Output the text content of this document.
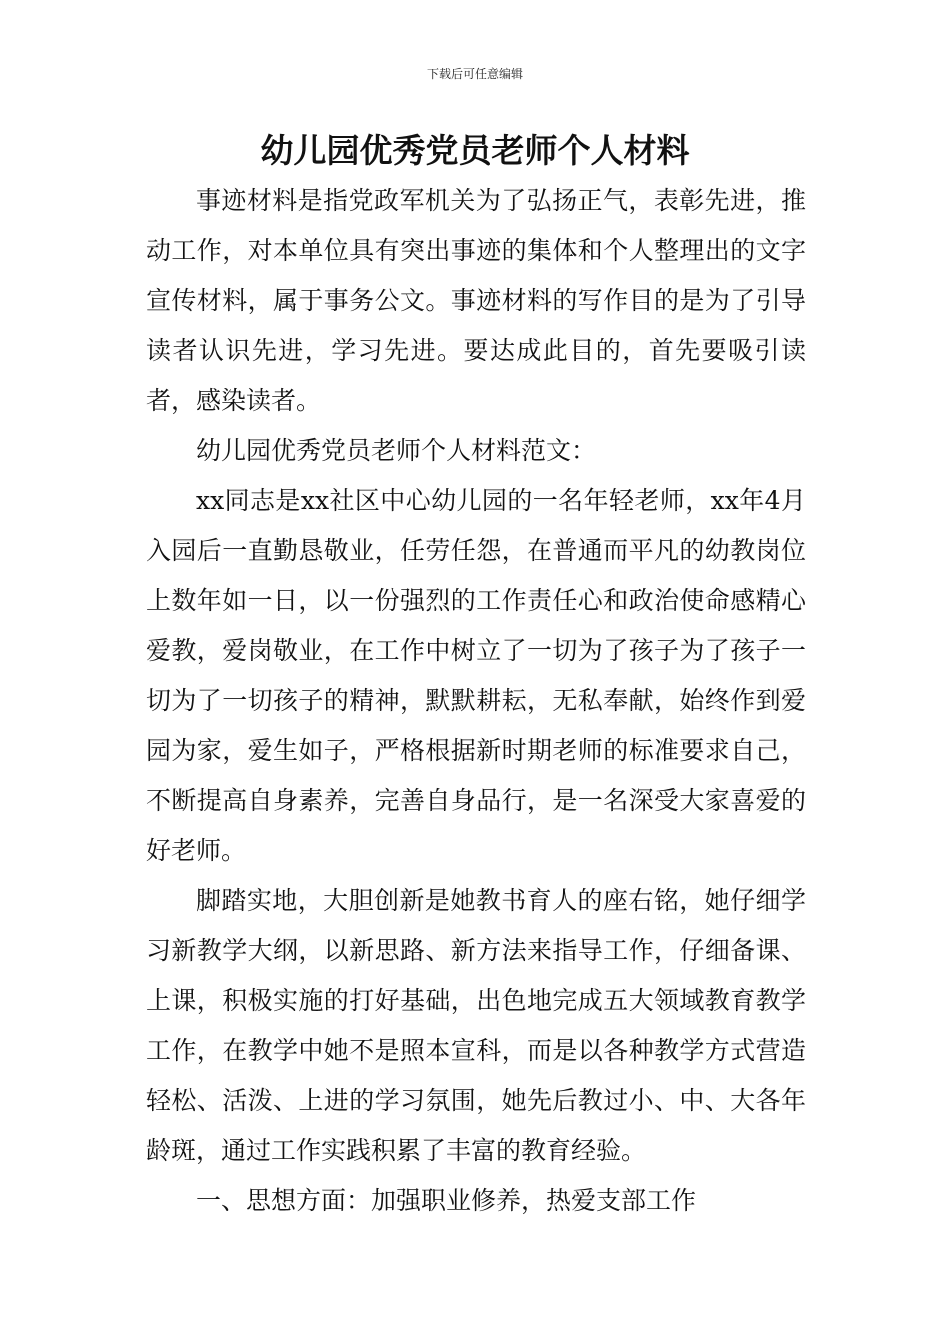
下载后可任意编辑
幼儿园优秀党员老师个人材料

事迹材料是指党政军机关为了弘扬正气，表彰先进，推动工作，对本单位具有突出事迹的集体和个人整理出的文字宣传材料，属于事务公文。事迹材料的写作目的是为了引导读者认识先进，学习先进。要达成此目的，首先要吸引读者，感染读者。

幼儿园优秀党员老师个人材料范文：

xx同志是xx社区中心幼儿园的一名年轻老师，xx年4月入园后一直勤恳敬业，任劳任怨，在普通而平凡的幼教岗位上数年如一日，以一份强烈的工作责任心和政治使命感精心爱教，爱岗敬业，在工作中树立了一切为了孩子为了孩子一切为了一切孩子的精神，默默耕耘，无私奉献，始终作到爱园为家，爱生如子，严格根据新时期老师的标准要求自己，不断提高自身素养，完善自身品行，是一名深受大家喜爱的好老师。

脚踏实地，大胆创新是她教书育人的座右铭，她仔细学习新教学大纲，以新思路、新方法来指导工作，仔细备课、上课，积极实施的打好基础，出色地完成五大领域教育教学工作，在教学中她不是照本宣科，而是以各种教学方式营造轻松、活泼、上进的学习氛围，她先后教过小、中、大各年龄斑，通过工作实践积累了丰富的教育经验。

一、思想方面：加强职业修养，热爱支部工作
